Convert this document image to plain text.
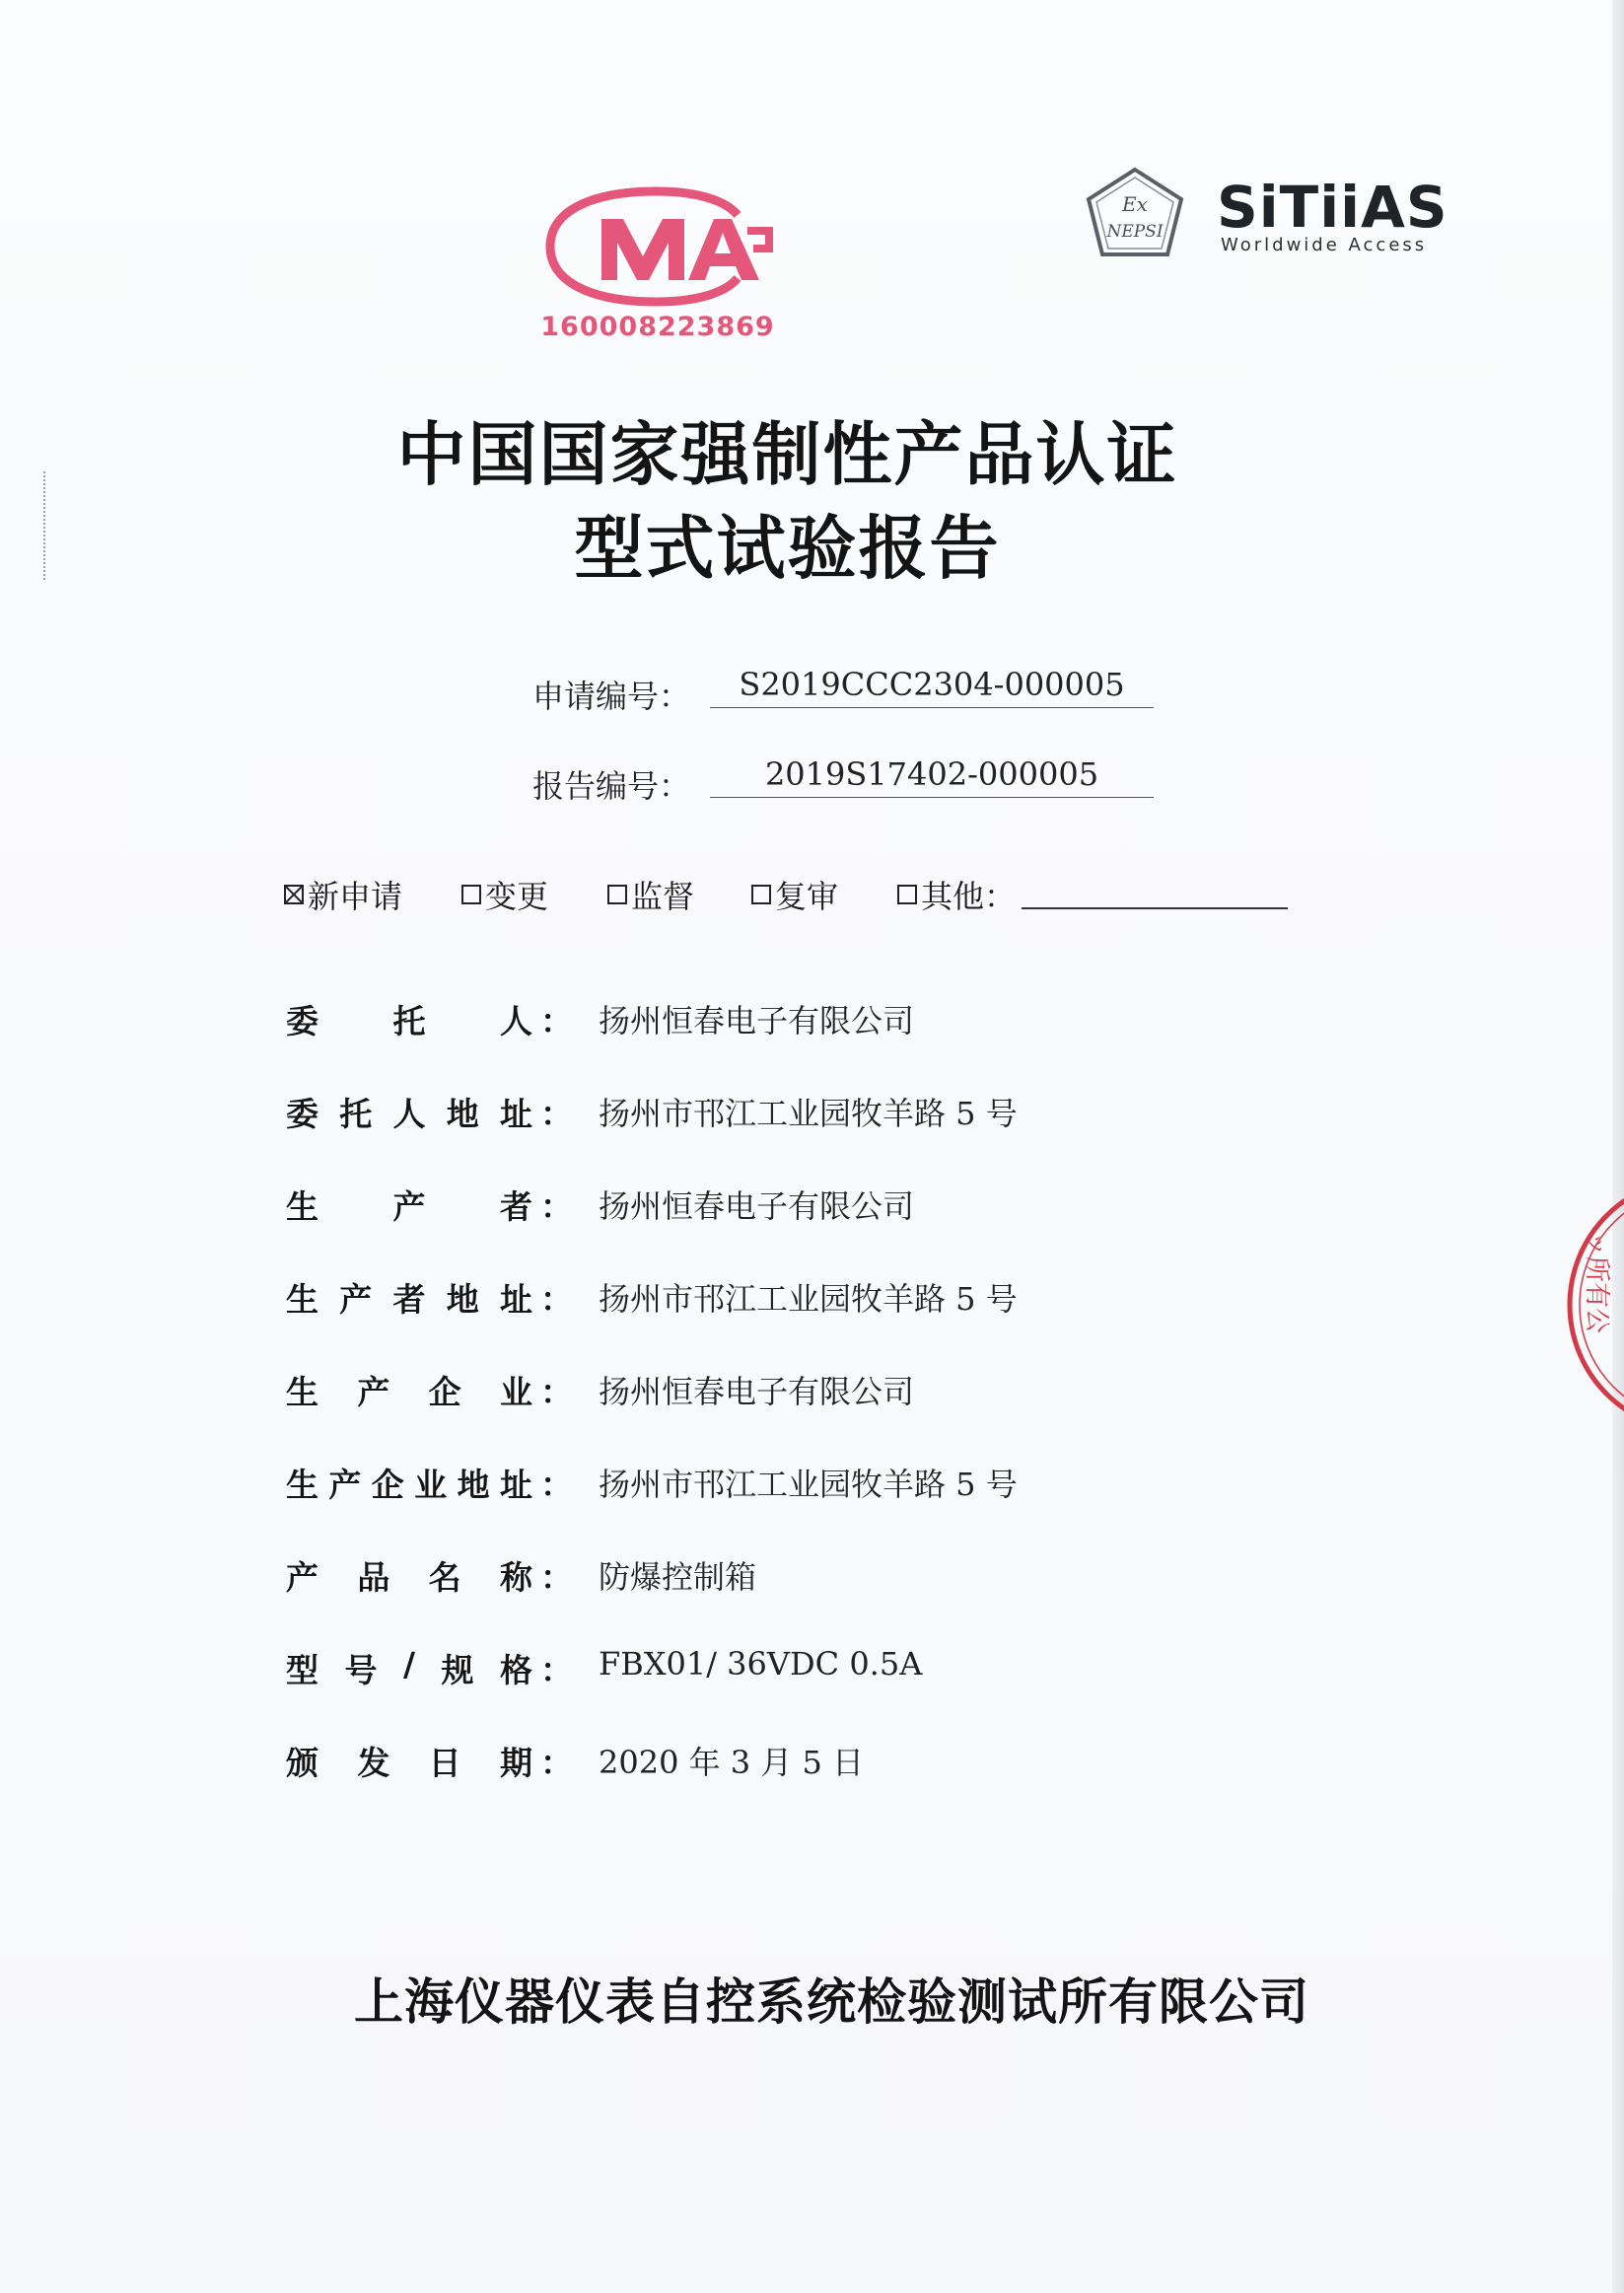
160008223869
Ex
NEPSI SiTiiAS
Worldwide Access
中国国家强制性产品认证
型式试验报告
申请编号：	S2019CCC2304-000005
报告编号：	2019S17402-000005
新申请	变更	监督	复审	其他：
委 托 人 ： 扬州恒春电子有限公司
委 托 人 地 址 ： 扬州市邗江工业园牧羊路 5 号
生 产 者 ： 扬州恒春电子有限公司
生 产 者 地 址 ： 扬州市邗江工业园牧羊路 5 号
生 产 企 业 ： 扬州恒春电子有限公司
生 产 企 业 地 址 ： 扬州市邗江工业园牧羊路 5 号
产 品 名 称 ： 防爆控制箱
型 号 / 规 格 ： FBX01/ 36VDC 0.5A
颁 发 日 期 ： 2020 年 3 月 5 日
上海仪器仪表自控系统检验测试所有限公司
ッ所有公
